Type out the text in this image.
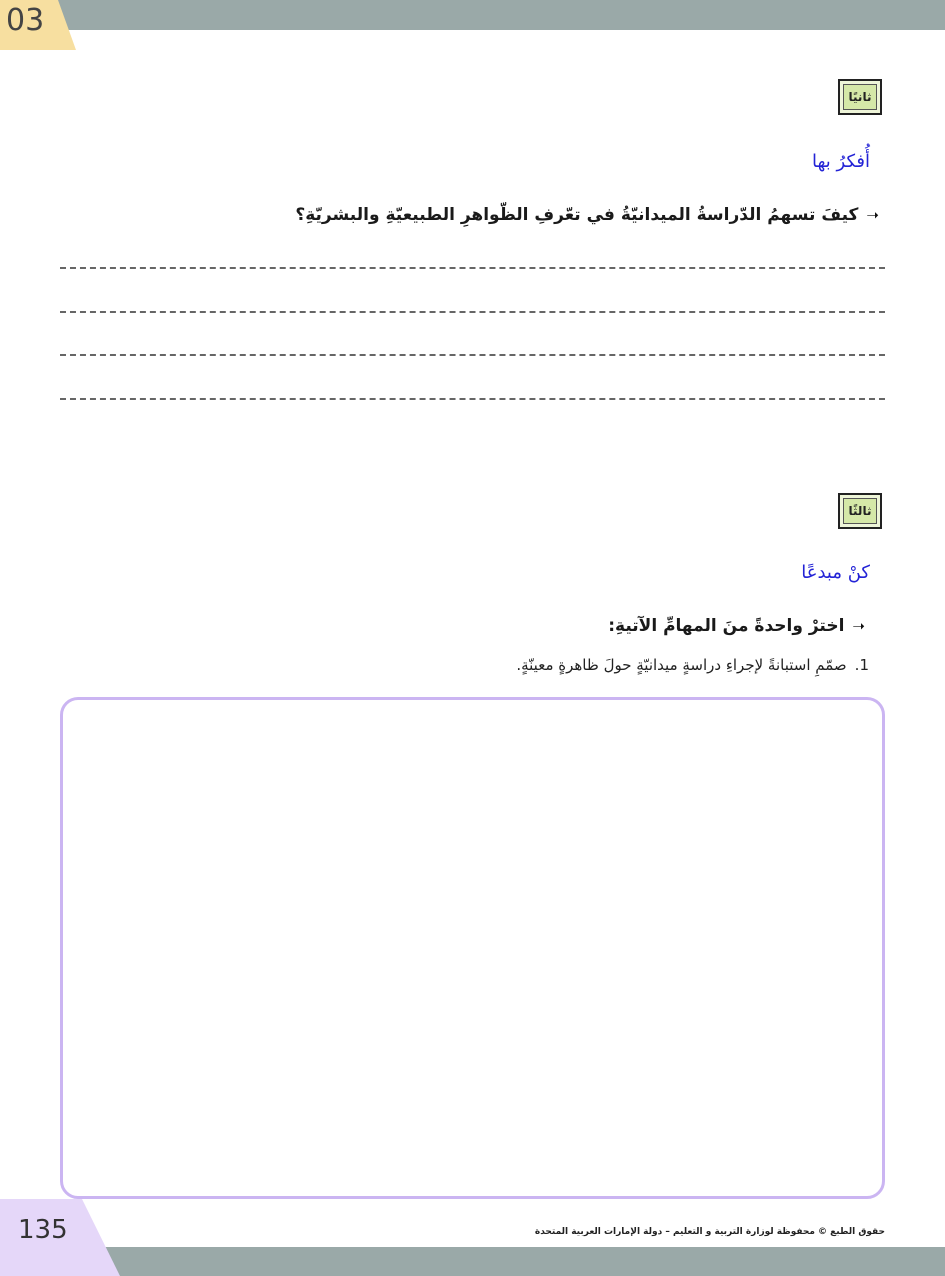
03
ثانيًا
أُفكرُ بها
➝
كيفَ تسهمُ الدّراسةُ الميدانيّةُ في تعّرفِ الظّواهرِ الطبيعيّةِ والبشريّةِ؟
ثالثًا
كنْ مبدعًا
➝
اخترْ واحدةً منَ المهامِّ الآتيةِ:
1.
صمّمِ استبانةً لإجراءِ دراسةٍ ميدانيّةٍ حولَ ظاهرةٍ معينّةٍ.
135	حقوق الطبع © محفوظة لوزارة التربية و التعليم – دولة الإمارات العربية المتحدة
